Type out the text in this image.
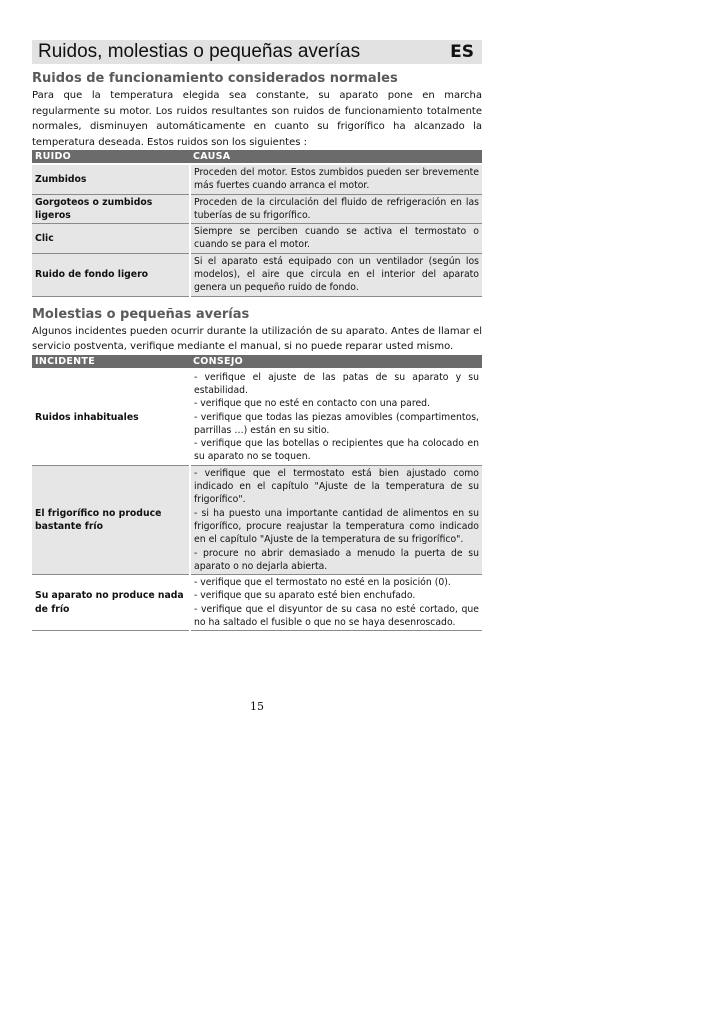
Ruidos, molestias o pequeñas averías	ES
Ruidos de funcionamiento considerados normales

Para que la temperatura elegida sea constante, su aparato pone en marcha regularmente su motor. Los ruidos resultantes son ruidos de funcionamiento totalmente normales, disminuyen automáticamente en cuanto su frigorífico ha alcanzado la temperatura deseada. Estos ruidos son los siguientes :

RUIDO	CAUSA
Zumbidos	Proceden del motor. Estos zumbidos pueden ser brevemente más fuertes cuando arranca el motor.
Gorgoteos o zumbidos ligeros	Proceden de la circulación del fluido de refrigeración en las tuberías de su frigorífico.
Clic	Siempre se perciben cuando se activa el termostato o cuando se para el motor.
Ruido de fondo ligero	Si el aparato está equipado con un ventilador (según los modelos), el aire que circula en el interior del aparato genera un pequeño ruido de fondo.
Molestias o pequeñas averías

Algunos incidentes pueden ocurrir durante la utilización de su aparato. Antes de llamar el servicio postventa, verifique mediante el manual, si no puede reparar usted mismo.

INCIDENTE	CONSEJO
Ruidos inhabituales	- verifique el ajuste de las patas de su aparato y su estabilidad.
- verifique que no esté en contacto con una pared.
- verifique que todas las piezas amovibles (compartimentos, parrillas …) están en su sitio.
- verifique que las botellas o recipientes que ha colocado en su aparato no se toquen.
El frigorífico no produce bastante frío	- verifique que el termostato está bien ajustado como indicado en el capítulo "Ajuste de la temperatura de su frigorífico".
- si ha puesto una importante cantidad de alimentos en su frigorífico, procure reajustar la temperatura como indicado en el capítulo "Ajuste de la temperatura de su frigorífico".
- procure no abrir demasiado a menudo la puerta de su aparato o no dejarla abierta.
Su aparato no produce nada de frío	- verifique que el termostato no esté en la posición (0).
- verifique que su aparato esté bien enchufado.
- verifique que el disyuntor de su casa no esté cortado, que no ha saltado el fusible o que no se haya desenroscado.
15
